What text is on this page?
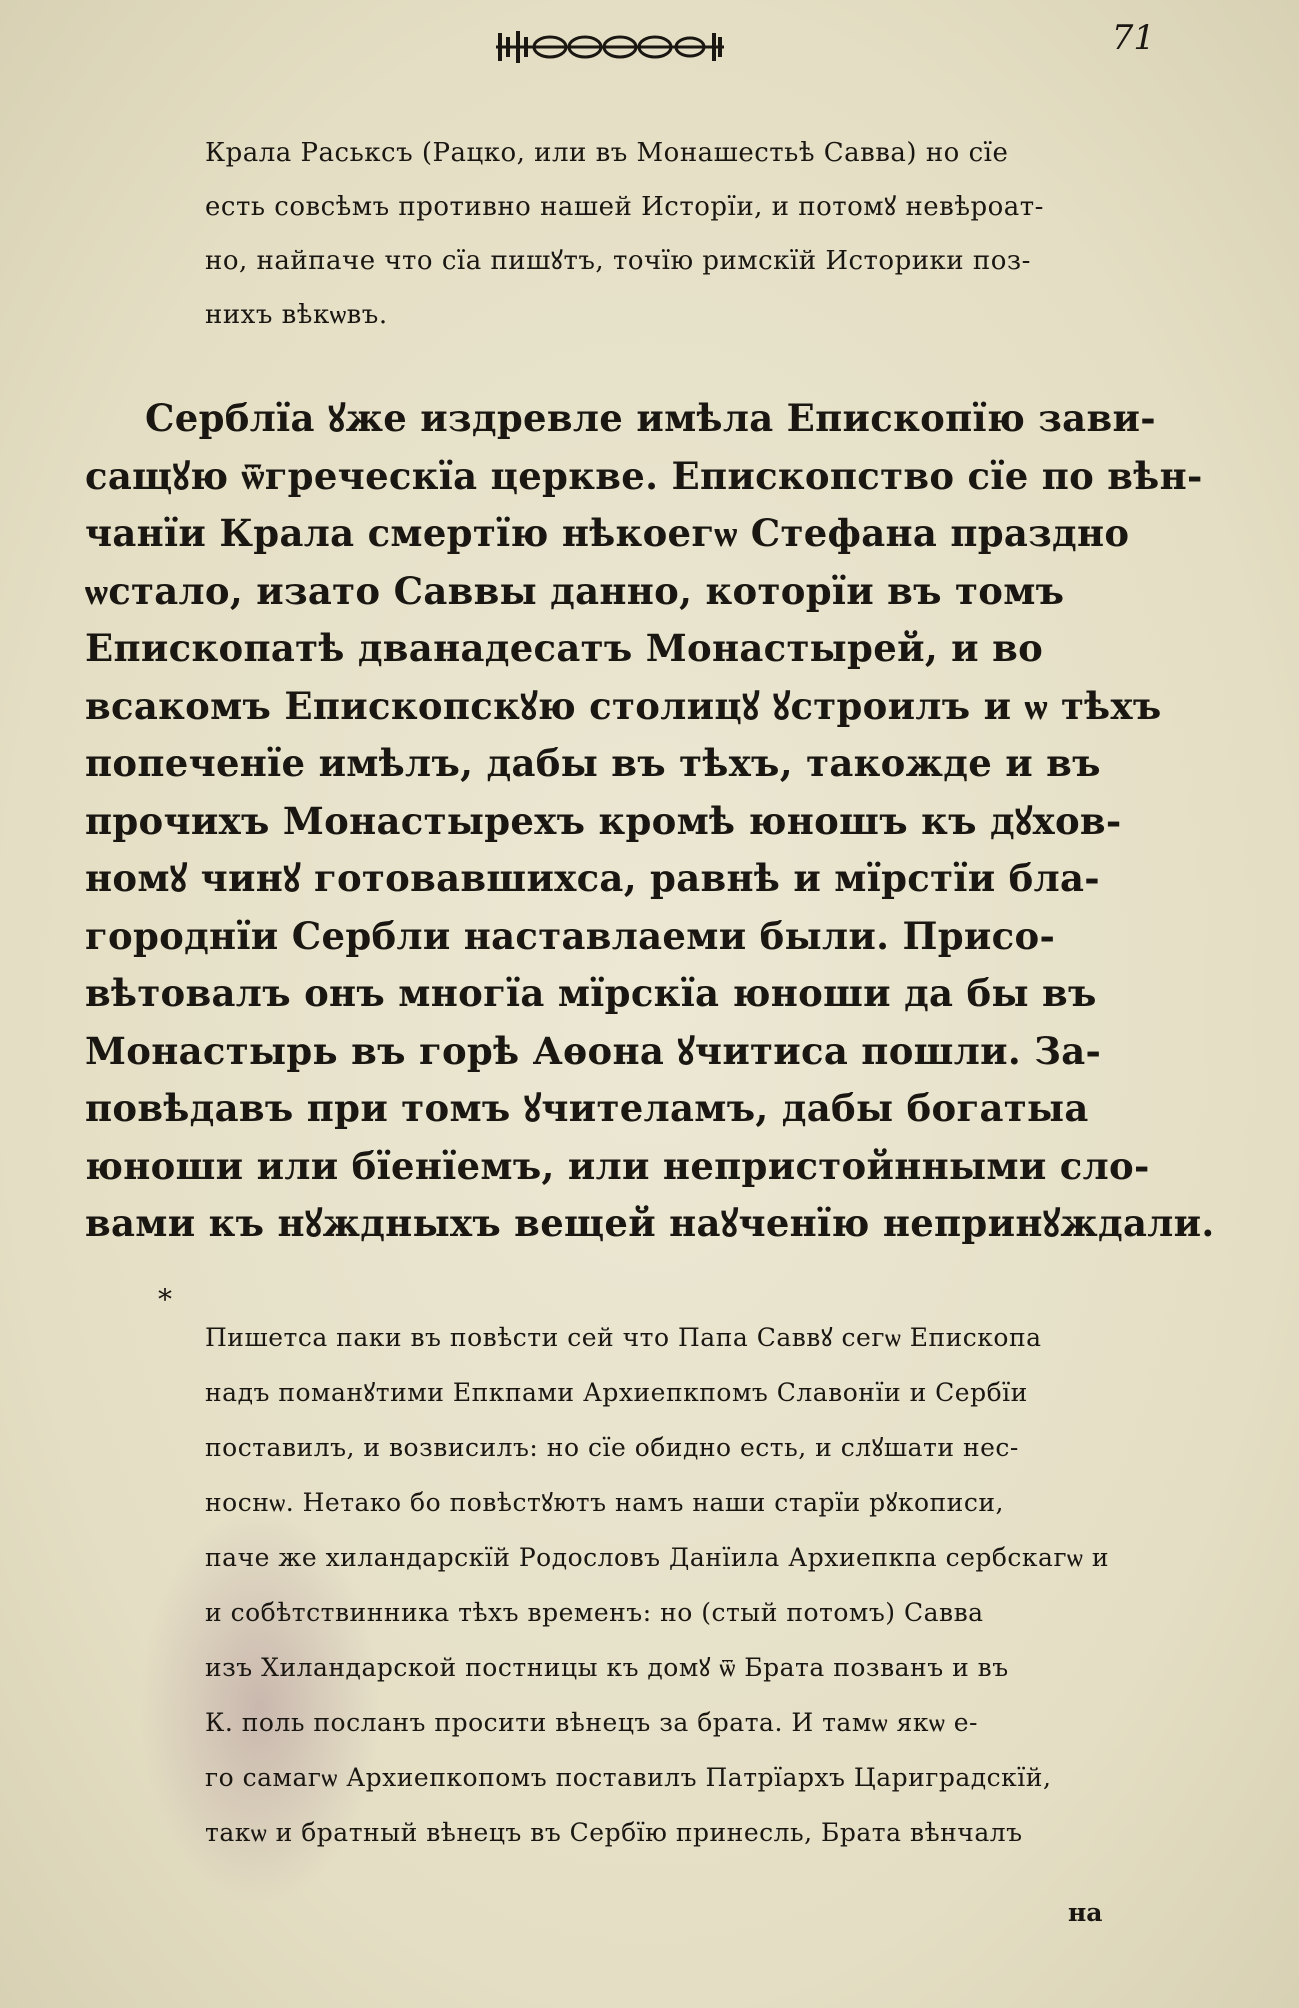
71

Крала Раськсъ (Рацко, или въ Монашестьѣ Савва) но сїе

есть совсѣмъ противно нашей Исторїи, и потомꙋ невѣроат-

но, найпаче что сїа пишꙋтъ, точїю римскїй Историки поз-

нихъ вѣкѡвъ.

Серблїа ꙋже издревле имѣла Епископїю зави-

сащꙋю ѿгреческїа церкве. Епископство сїе по вѣн-

чанїи Крала смертїю нѣкоегѡ Стефана праздно

ѡстало, изато Саввы данно, которїи въ томъ

Епископатѣ дванадесатъ Монастырей, и во

всакомъ Епископскꙋю столицꙋ ꙋстроилъ и ѡ тѣхъ

попеченїе имѣлъ, дабы въ тѣхъ, такожде и въ

прочихъ Монастырехъ кромѣ юношъ къ дꙋхов-

номꙋ чинꙋ готовавшихса, равнѣ и мїрстїи бла-

городнїи Сербли наставлаеми были. Присо-

вѣтовалъ онъ многїа мїрскїа юноши да бы въ

Монастырь въ горѣ Аѳона ꙋчитиса пошли. За-

повѣдавъ при томъ ꙋчителамъ, дабы богатыа

юноши или бїенїемъ, или непристойнными сло-

вами къ нꙋждныхъ вещей наꙋченїю непринꙋждали.

*

Пишетса паки въ повѣсти сей что Папа Саввꙋ сегѡ Епископа

надъ поманꙋтими Епкпами Архиепкпомъ Славонїи и Сербїи

поставилъ, и возвисилъ: но сїе обидно есть, и слꙋшати нес-

носнѡ. Нетако бо повѣстꙋютъ намъ наши старїи рꙋкописи,

паче же хиландарскїй Родословъ Данїила Архиепкпа сербскагѡ и

и собѣтствинника тѣхъ временъ: но (стый потомъ) Савва

изъ Хиландарской постницы къ домꙋ ѿ Брата позванъ и въ

К. поль посланъ просити вѣнецъ за брата. И тамѡ якѡ е-

го самагѡ Архиепкопомъ поставилъ Патрїархъ Цариградскїй,

такѡ и братный вѣнецъ въ Сербїю принесль, Брата вѣнчалъ

на
